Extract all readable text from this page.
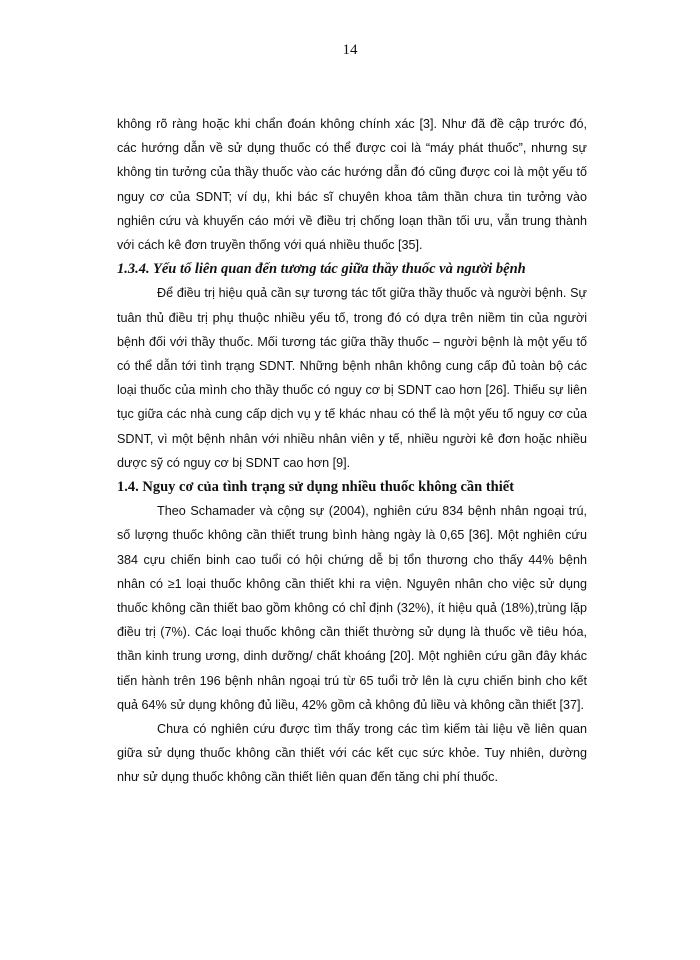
14

không rõ ràng hoặc khi chẩn đoán không chính xác [3]. Như đã đề cập trước đó, các hướng dẫn về sử dụng thuốc có thể được coi là “máy phát thuốc”, nhưng sự không tin tưởng của thầy thuốc vào các hướng dẫn đó cũng được coi là một yếu tố nguy cơ của SDNT; ví dụ, khi bác sĩ chuyên khoa tâm thần chưa tin tưởng vào nghiên cứu và khuyến cáo mới về điều trị chống loạn thần tối ưu, vẫn trung thành với cách kê đơn truyền thống với quá nhiều thuốc [35].

1.3.4. Yếu tố liên quan đến tương tác giữa thầy thuốc và người bệnh

Để điều trị hiệu quả cần sự tương tác tốt giữa thầy thuốc và người bệnh. Sự tuân thủ điều trị phụ thuộc nhiều yếu tố, trong đó có dựa trên niềm tin của người bệnh đối với thầy thuốc. Mối tương tác giữa thầy thuốc – người bệnh là một yếu tố có thể dẫn tới tình trạng SDNT. Những bệnh nhân không cung cấp đủ toàn bộ các loại thuốc của mình cho thầy thuốc có nguy cơ bị SDNT cao hơn [26]. Thiếu sự liên tục giữa các nhà cung cấp dịch vụ y tế khác nhau có thể là một yếu tố nguy cơ của SDNT, vì một bệnh nhân với nhiều nhân viên y tế, nhiều người kê đơn hoặc nhiều dược sỹ có nguy cơ bị SDNT cao hơn [9].

1.4. Nguy cơ của tình trạng sử dụng nhiều thuốc không cần thiết

Theo Schamader và cộng sự (2004), nghiên cứu 834 bệnh nhân ngoại trú, số lượng thuốc không cần thiết trung bình hàng ngày là 0,65 [36]. Một nghiên cứu 384 cựu chiến binh cao tuổi có hội chứng dễ bị tổn thương cho thấy 44% bệnh nhân có ≥1 loại thuốc không cần thiết khi ra viện. Nguyên nhân cho việc sử dụng thuốc không cần thiết bao gồm không có chỉ định (32%), ít hiệu quả (18%),trùng lặp điều trị (7%). Các loại thuốc không cần thiết thường sử dụng là thuốc về tiêu hóa, thần kinh trung ương, dinh dưỡng/ chất khoáng [20]. Một nghiên cứu gần đây khác tiến hành trên 196 bệnh nhân ngoại trú từ 65 tuổi trở lên là cựu chiến binh cho kết quả 64% sử dụng không đủ liều, 42% gồm cả không đủ liều và không cần thiết [37].

Chưa có nghiên cứu được tìm thấy trong các tìm kiếm tài liệu về liên quan giữa sử dụng thuốc không cần thiết với các kết cục sức khỏe. Tuy nhiên, dường như sử dụng thuốc không cần thiết liên quan đến tăng chi phí thuốc.
